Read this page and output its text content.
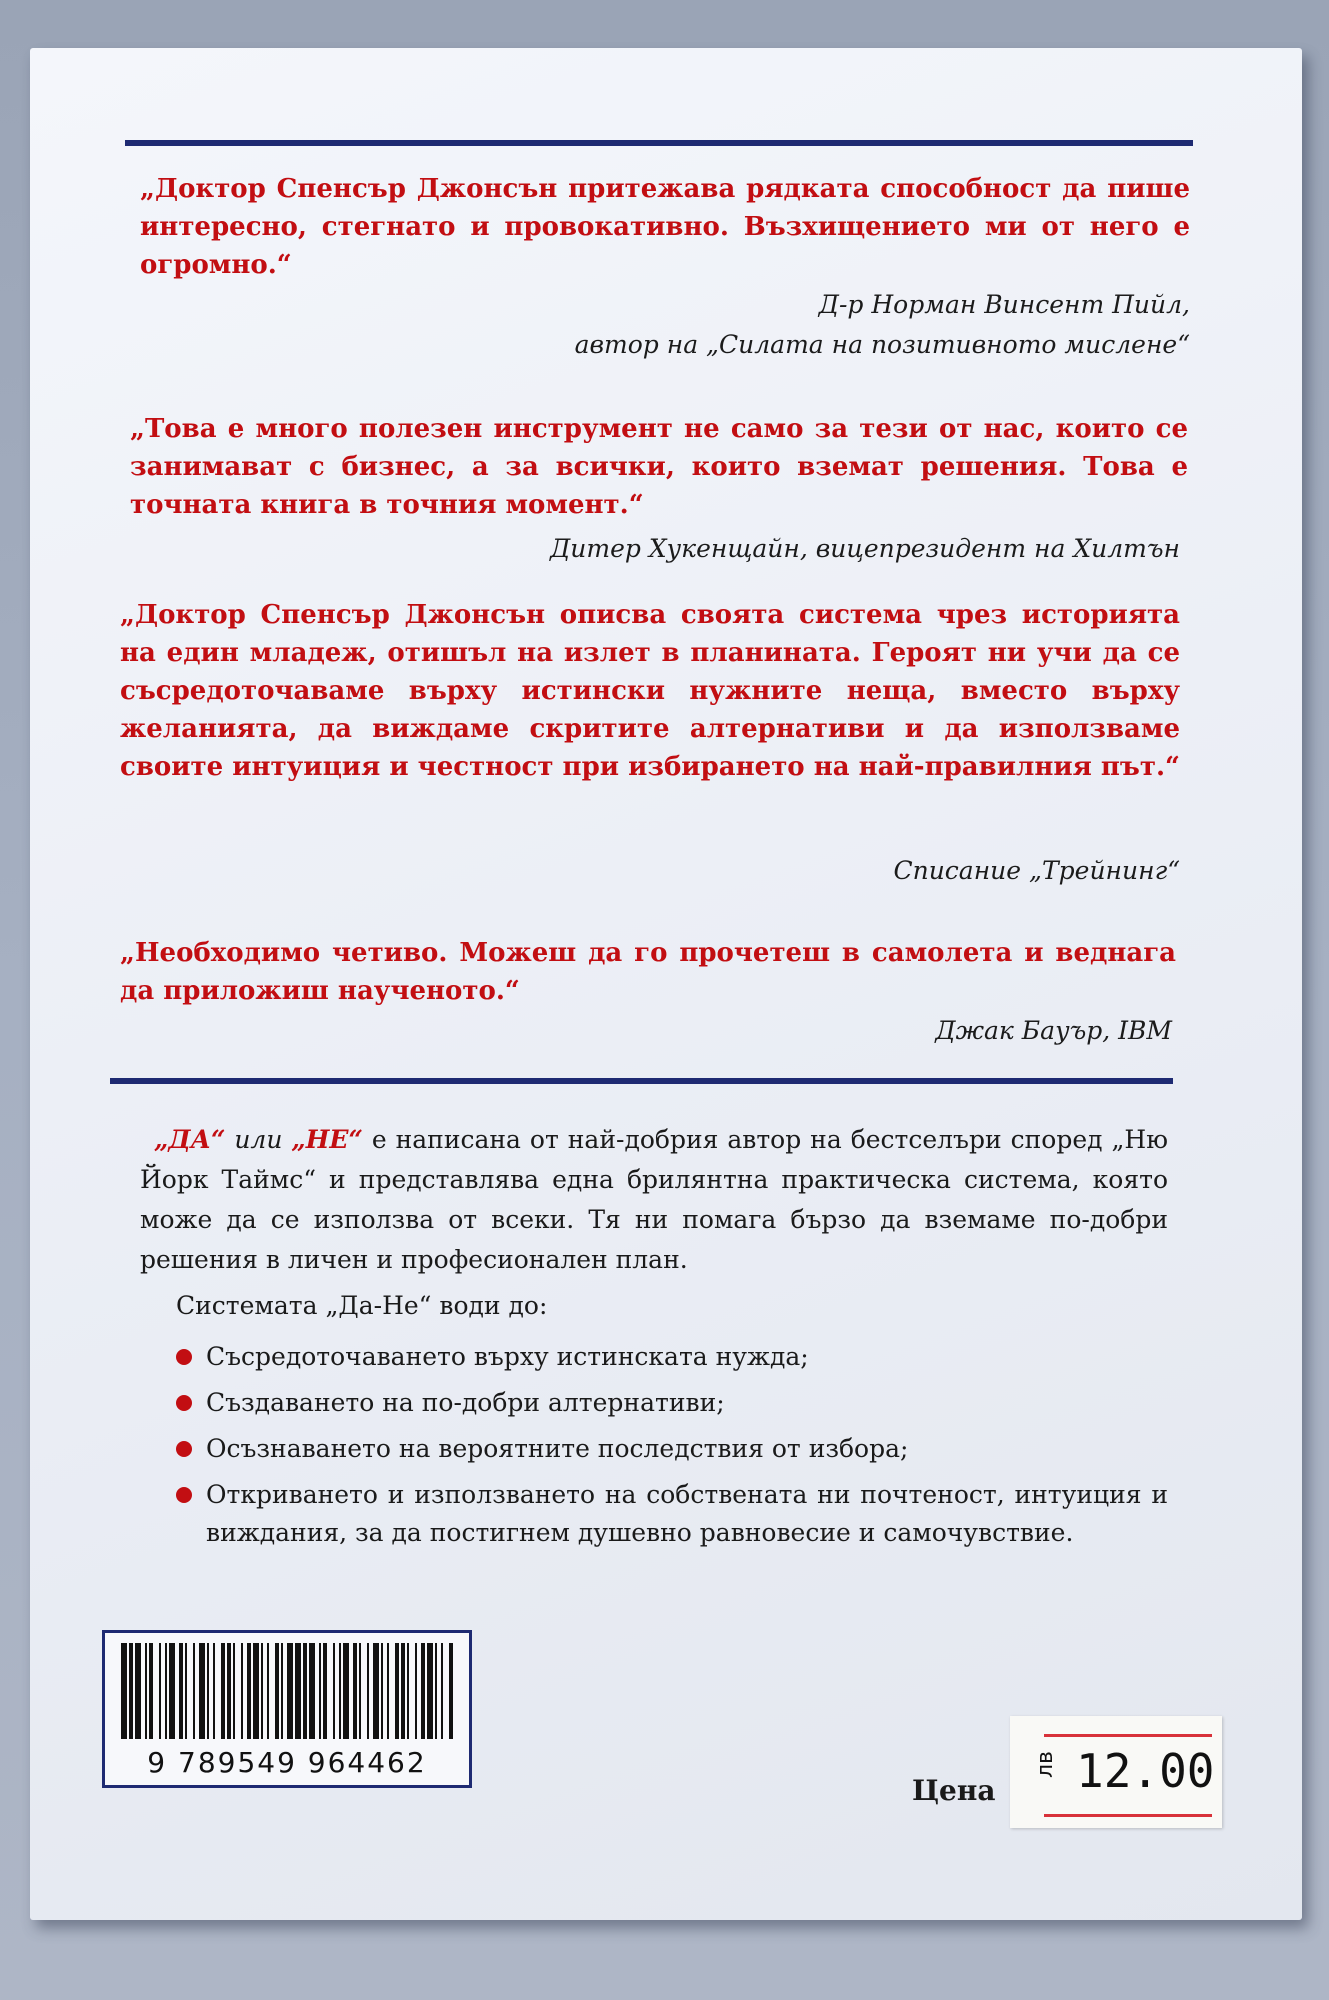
„Доктор Спенсър Джонсън притежава рядката способност да пише интересно, стегнато и провокативно. Възхищението ми от него е огромно.“

Д-р Норман Винсент Пийл,

автор на „Силата на позитивното мислене“

„Това е много полезен инструмент не само за тези от нас, които се занимават с бизнес, а за всички, които вземат решения. Това е точната книга в точния момент.“

Дитер Хукенщайн, вицепрезидент на Хилтън

„Доктор Спенсър Джонсън описва своята система чрез историята на един младеж, отишъл на излет в планината. Героят ни учи да се съсредоточаваме върху истински нужните неща, вместо върху желанията, да виждаме скритите алтернативи и да използваме своите интуиция и честност при избирането на най-правилния път.“

Списание „Трейнинг“

„Необходимо четиво. Можеш да го прочетеш в самолета и веднага да приложиш наученото.“

Джак Бауър, IBM

„ДА“ или „НЕ“ е написана от най-добрия автор на бестселъри според „Ню Йорк Таймс“ и представлява една брилянтна практическа система, която може да се използва от всеки. Тя ни помага бързо да вземаме по-добри решения в личен и професионален план.

Системата „Да-Не“ води до:

Съсредоточаването върху истинската нужда;
Създаването на по-добри алтернативи;
Осъзнаването на вероятните последствия от избора;
Откриването и използването на собствената ни почтеност, интуиция и виждания, за да постигнем душевно равновесие и самочувствие.

9 789549 964462

Цена

лв 12.00
